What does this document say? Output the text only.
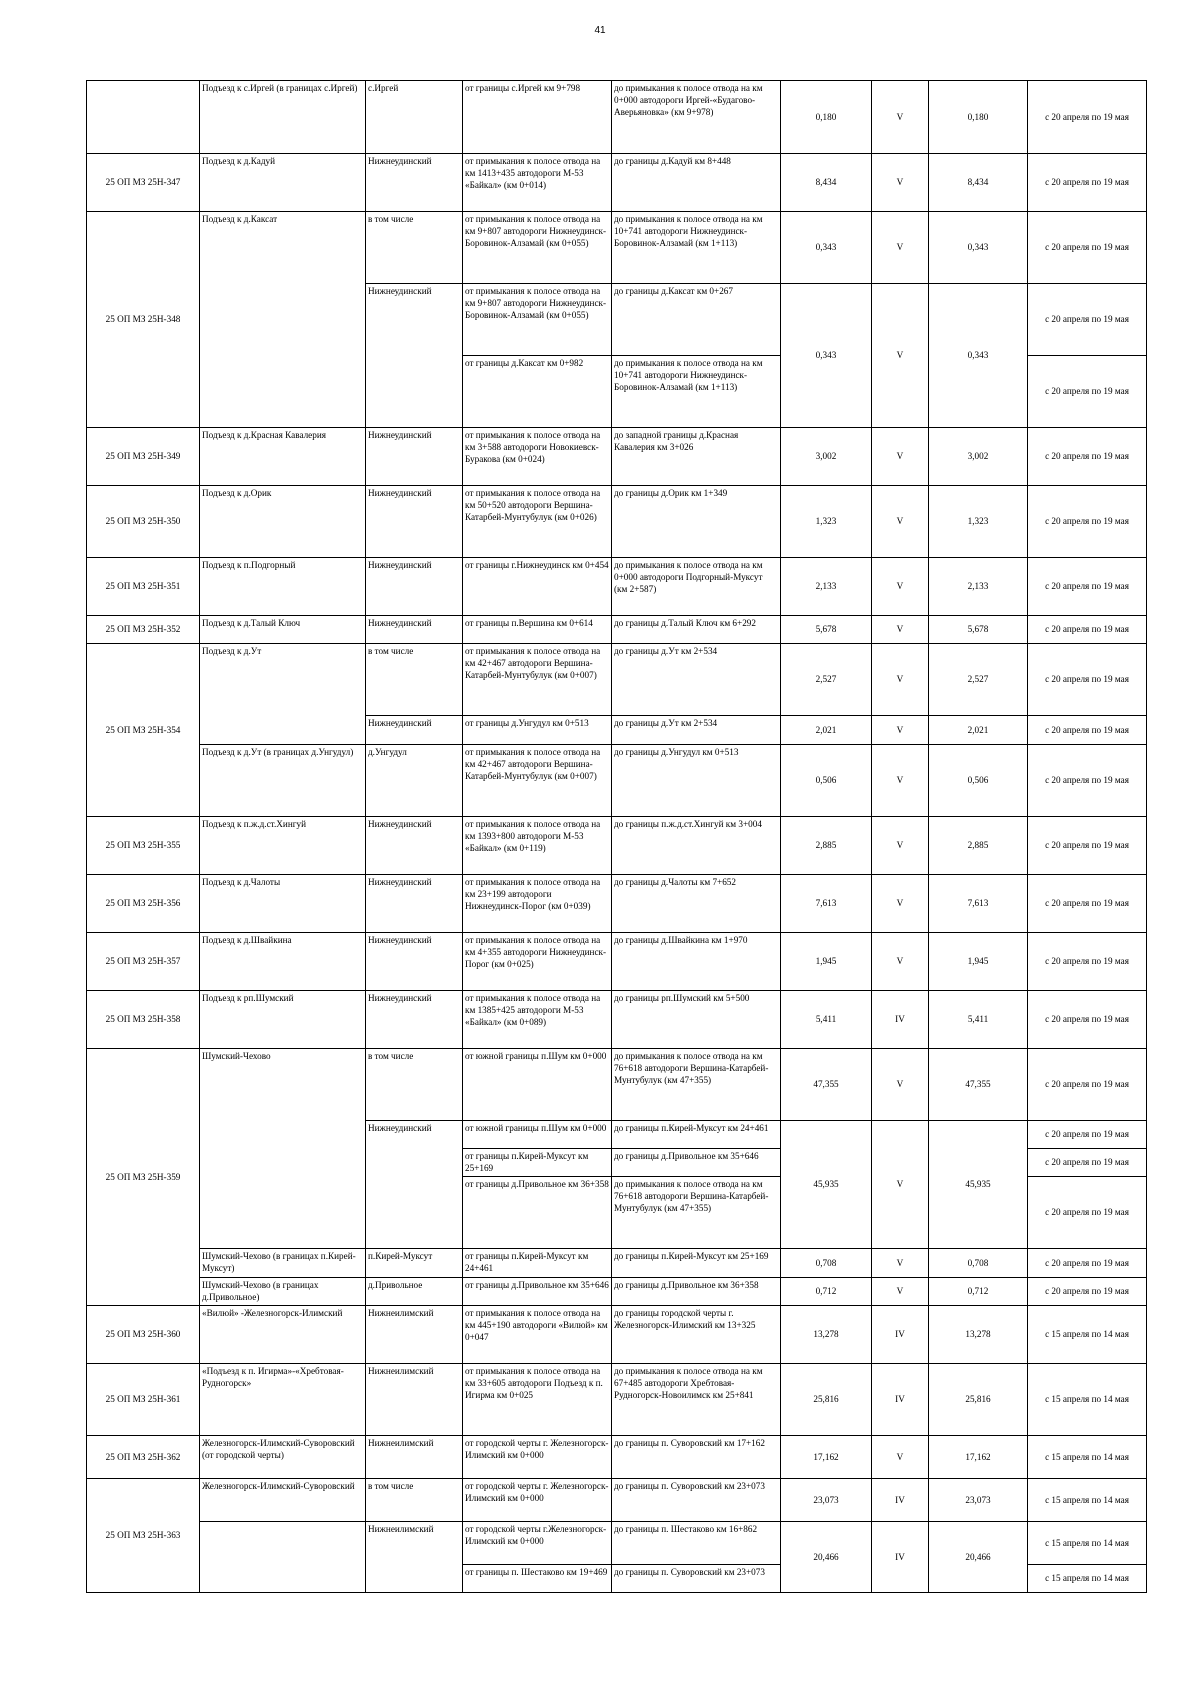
41
	Подъезд к с.Иргей (в границах с.Иргей)	с.Иргей	от границы с.Иргей км 9+798	до примыкания к полосе отвода на км 0+000 автодороги Иргей-«Будагово-Аверьяновка» (км 9+978)	0,180	V	0,180	с 20 апреля по 19 мая
25 ОП МЗ 25Н-347	Подъезд к д.Кадуй	Нижнеудинский	от примыкания к полосе отвода на км 1413+435 автодороги М-53 «Байкал» (км 0+014)	до границы д.Кадуй км 8+448	8,434	V	8,434	с 20 апреля по 19 мая
25 ОП МЗ 25Н-348	Подъезд к д.Каксат	в том числе	от примыкания к полосе отвода на км 9+807 автодороги Нижнеудинск-Боровинок-Алзамай (км 0+055)	до примыкания к полосе отвода на км 10+741 автодороги Нижнеудинск-Боровинок-Алзамай (км 1+113)	0,343	V	0,343	с 20 апреля по 19 мая
		Нижнеудинский	от примыкания к полосе отвода на км 9+807 автодороги Нижнеудинск-Боровинок-Алзамай (км 0+055)	до границы д.Каксат км 0+267	0,343	V	0,343	с 20 апреля по 19 мая
			от границы д.Каксат км 0+982	до примыкания к полосе отвода на км 10+741 автодороги Нижнеудинск-Боровинок-Алзамай (км 1+113)				с 20 апреля по 19 мая
25 ОП МЗ 25Н-349	Подъезд к д.Красная Кавалерия	Нижнеудинский	от примыкания к полосе отвода на км 3+588 автодороги Новокиевск-Буракова (км 0+024)	до западной границы д.Красная Кавалерия км 3+026	3,002	V	3,002	с 20 апреля по 19 мая
25 ОП МЗ 25Н-350	Подъезд к д.Орик	Нижнеудинский	от примыкания к полосе отвода на км 50+520 автодороги Вершина-Катарбей-Мунтубулук (км 0+026)	до границы д.Орик км 1+349	1,323	V	1,323	с 20 апреля по 19 мая
25 ОП МЗ 25Н-351	Подъезд к п.Подгорный	Нижнеудинский	от границы г.Нижнеудинск км 0+454	до примыкания к полосе отвода на км 0+000 автодороги Подгорный-Муксут (км 2+587)	2,133	V	2,133	с 20 апреля по 19 мая
25 ОП МЗ 25Н-352	Подъезд к д.Талый Ключ	Нижнеудинский	от границы п.Вершина км 0+614	до границы д.Талый Ключ км 6+292	5,678	V	5,678	с 20 апреля по 19 мая
25 ОП МЗ 25Н-354	Подъезд к д.Ут	в том числе	от примыкания к полосе отвода на км 42+467 автодороги Вершина-Катарбей-Мунтубулук (км 0+007)	до границы д.Ут км 2+534	2,527	V	2,527	с 20 апреля по 19 мая
		Нижнеудинский	от границы д.Унгудул км 0+513	до границы д.Ут км 2+534	2,021	V	2,021	с 20 апреля по 19 мая
	Подъезд к д.Ут (в границах д.Унгудул)	д.Унгудул	от примыкания к полосе отвода на км 42+467 автодороги Вершина-Катарбей-Мунтубулук (км 0+007)	до границы д.Унгудул км 0+513	0,506	V	0,506	с 20 апреля по 19 мая
25 ОП МЗ 25Н-355	Подъезд к п.ж.д.ст.Хингуй	Нижнеудинский	от примыкания к полосе отвода на км 1393+800 автодороги М-53 «Байкал» (км 0+119)	до границы п.ж.д.ст.Хингуй км 3+004	2,885	V	2,885	с 20 апреля по 19 мая
25 ОП МЗ 25Н-356	Подъезд к д.Чалоты	Нижнеудинский	от примыкания к полосе отвода на км 23+199 автодороги Нижнеудинск-Порог (км 0+039)	до границы д.Чалоты км 7+652	7,613	V	7,613	с 20 апреля по 19 мая
25 ОП МЗ 25Н-357	Подъезд к д.Швайкина	Нижнеудинский	от примыкания к полосе отвода на км 4+355 автодороги Нижнеудинск-Порог (км 0+025)	до границы д.Швайкина км 1+970	1,945	V	1,945	с 20 апреля по 19 мая
25 ОП МЗ 25Н-358	Подъезд к рп.Шумский	Нижнеудинский	от примыкания к полосе отвода на км 1385+425 автодороги М-53 «Байкал» (км 0+089)	до границы рп.Шумский км 5+500	5,411	IV	5,411	с 20 апреля по 19 мая
25 ОП МЗ 25Н-359	Шумский-Чехово	в том числе	от южной границы п.Шум км 0+000	до примыкания к полосе отвода на км 76+618 автодороги Вершина-Катарбей-Мунтубулук (км 47+355)	47,355	V	47,355	с 20 апреля по 19 мая
		Нижнеудинский	от южной границы п.Шум км 0+000	до границы п.Кирей-Муксут км 24+461	45,935	V	45,935	с 20 апреля по 19 мая
			от границы п.Кирей-Муксут км 25+169	до границы д.Привольное км 35+646				с 20 апреля по 19 мая
			от границы д.Привольное км 36+358	до примыкания к полосе отвода на км 76+618 автодороги Вершина-Катарбей-Мунтубулук (км 47+355)				с 20 апреля по 19 мая
	Шумский-Чехово (в границах п.Кирей-Муксут)	п.Кирей-Муксут	от границы п.Кирей-Муксут км 24+461	до границы п.Кирей-Муксут км 25+169	0,708	V	0,708	с 20 апреля по 19 мая
	Шумский-Чехово (в границах д.Привольное)	д.Привольное	от границы д.Привольное км 35+646	до границы д.Привольное км 36+358	0,712	V	0,712	с 20 апреля по 19 мая
25 ОП МЗ 25Н-360	«Вилюй» -Железногорск-Илимский	Нижнеилимский	от примыкания к полосе отвода на км 445+190 автодороги «Вилюй» км 0+047	до границы городской черты г. Железногорск-Илимский км 13+325	13,278	IV	13,278	с 15 апреля по 14 мая
25 ОП МЗ 25Н-361	«Подъезд к п. Игирма»-«Хребтовая-Рудногорск»	Нижнеилимский	от примыкания к полосе отвода на км 33+605 автодороги Подъезд к п. Игирма км 0+025	до примыкания к полосе отвода на км 67+485 автодороги Хребтовая-Рудногорск-Новоилимск км 25+841	25,816	IV	25,816	с 15 апреля по 14 мая
25 ОП МЗ 25Н-362	Железногорск-Илимский-Суворовский (от городской черты)	Нижнеилимский	от городской черты г. Железногорск-Илимский км 0+000	до границы п. Суворовский км 17+162	17,162	V	17,162	с 15 апреля по 14 мая
25 ОП МЗ 25Н-363	Железногорск-Илимский-Суворовский	в том числе	от городской черты г. Железногорск-Илимский км 0+000	до границы п. Суворовский км 23+073	23,073	IV	23,073	с 15 апреля по 14 мая
		Нижнеилимский	от городской черты г.Железногорск-Илимский км 0+000	до границы п. Шестаково км 16+862	20,466	IV	20,466	с 15 апреля по 14 мая
			от границы п. Шестаково км 19+469	до границы п. Суворовский км 23+073				с 15 апреля по 14 мая
